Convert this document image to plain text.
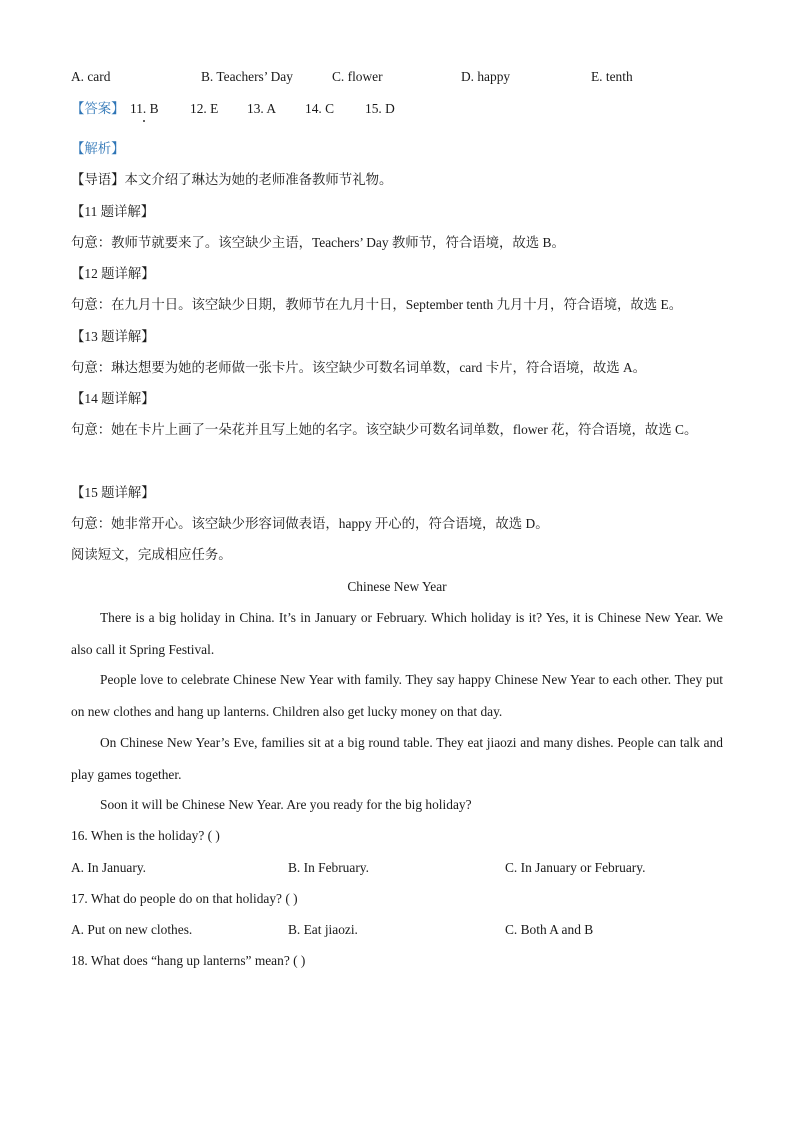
A. card	B. Teachers’ Day	C. flower	D. happy	E. tenth
【答案】 11. B 12. E 13. A 14. C 15. D
【解析】
【导语】本文介绍了琳达为她的老师准备教师节礼物。
【11 题详解】
句意：教师节就要来了。该空缺少主语，Teachers’ Day 教师节，符合语境，故选 B。
【12 题详解】
句意：在九月十日。该空缺少日期，教师节在九月十日，September tenth 九月十月，符合语境，故选 E。
【13 题详解】
句意：琳达想要为她的老师做一张卡片。该空缺少可数名词单数，card 卡片，符合语境，故选 A。
【14 题详解】
句意：她在卡片上画了一朵花并且写上她的名字。该空缺少可数名词单数，flower 花，符合语境，故选 C。
【15 题详解】
句意：她非常开心。该空缺少形容词做表语，happy 开心的，符合语境，故选 D。
阅读短文，完成相应任务。
Chinese New Year
There is a big holiday in China. It’s in January or February. Which holiday is it? Yes, it is Chinese New Year. We also call it Spring Festival.
People love to celebrate Chinese New Year with family. They say happy Chinese New Year to each other. They put on new clothes and hang up lanterns. Children also get lucky money on that day.
On Chinese New Year’s Eve, families sit at a big round table. They eat jiaozi and many dishes. People can talk and play games together.
Soon it will be Chinese New Year. Are you ready for the big holiday?
16. When is the holiday? ( )
A. In January.	B. In February.	C. In January or February.
17. What do people do on that holiday? ( )
A. Put on new clothes.	B. Eat jiaozi.	C. Both A and B
18. What does “hang up lanterns” mean? ( )
